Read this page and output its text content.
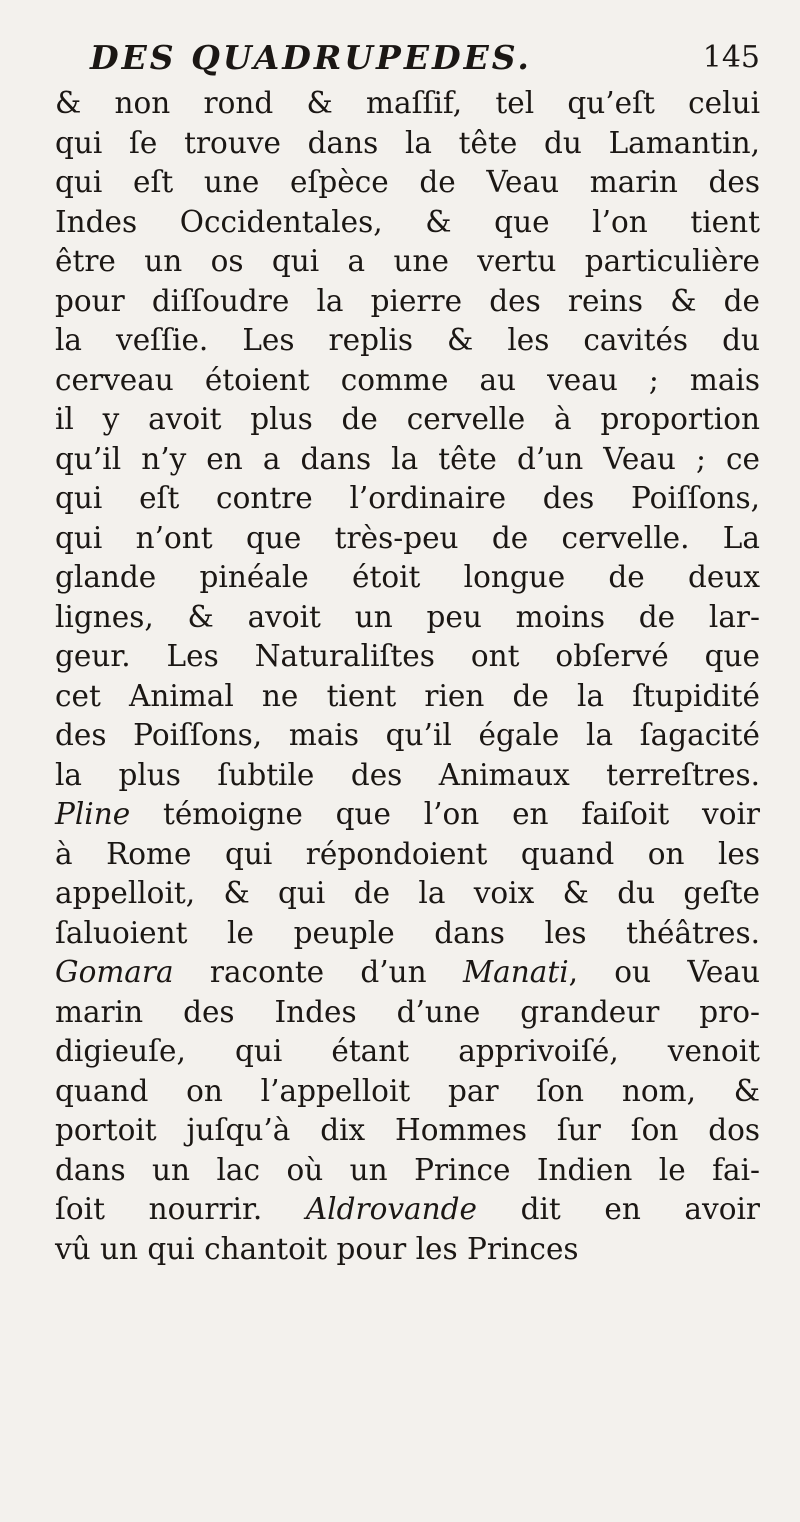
DES QUADRUPEDES.	145
& non rond & maſſif, tel qu’eſt celui
qui ſe trouve dans la tête du Lamantin,
qui eſt une eſpèce de Veau marin des
Indes Occidentales, & que l’on tient
être un os qui a une vertu particulière
pour diſſoudre la pierre des reins & de
la veſſie. Les replis & les cavités du
cerveau étoient comme au veau ; mais
il y avoit plus de cervelle à proportion
qu’il n’y en a dans la tête d’un Veau ; ce
qui eſt contre l’ordinaire des Poiſſons,
qui n’ont que très-peu de cervelle. La
glande pinéale étoit longue de deux
lignes, & avoit un peu moins de lar-
geur. Les Naturaliſtes ont obſervé que
cet Animal ne tient rien de la ſtupidité
des Poiſſons, mais qu’il égale la ſagacité
la plus ſubtile des Animaux terreſtres.
Pline témoigne que l’on en faiſoit voir
à Rome qui répondoient quand on les
appelloit, & qui de la voix & du geſte
ſaluoient le peuple dans les théâtres.
Gomara raconte d’un Manati, ou Veau
marin des Indes d’une grandeur pro-
digieuſe, qui étant apprivoiſé, venoit
quand on l’appelloit par ſon nom, &
portoit juſqu’à dix Hommes ſur ſon dos
dans un lac où un Prince Indien le fai-
ſoit nourrir. Aldrovande dit en avoir
vû un qui chantoit pour les Princes
